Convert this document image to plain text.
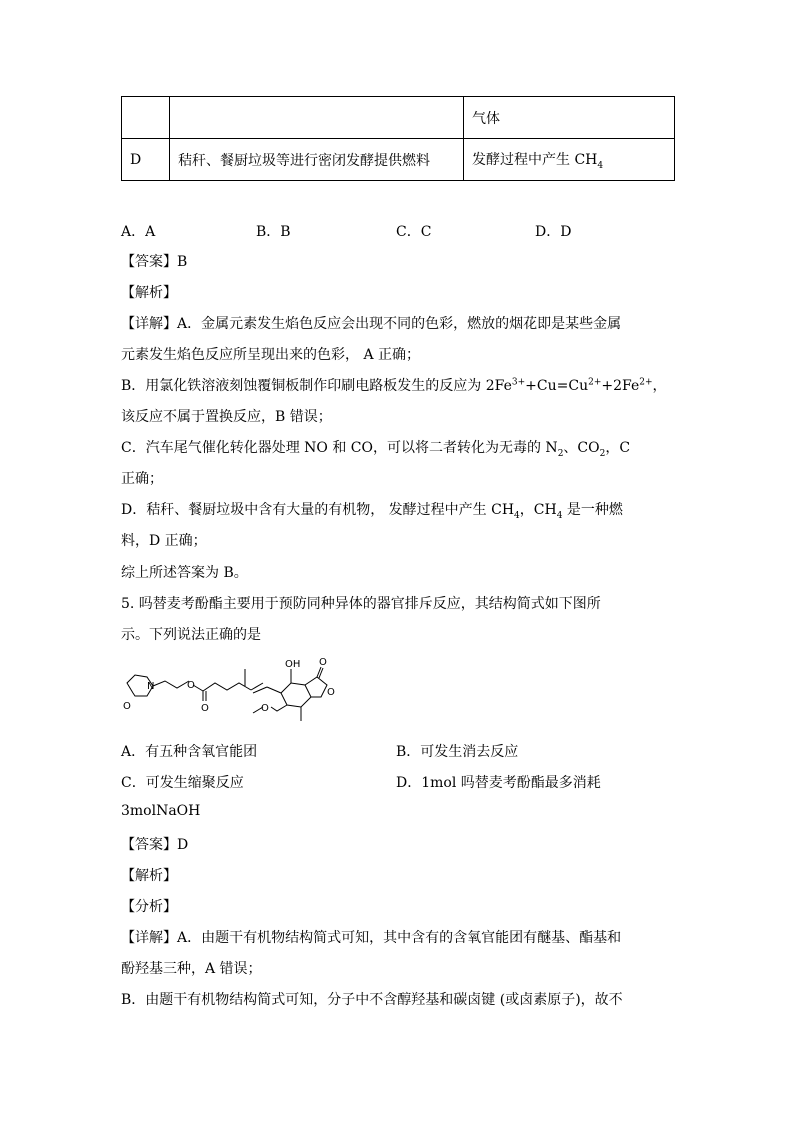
		气体
D	秸秆、餐厨垃圾等进行密闭发酵提供燃料	发酵过程中产生 $CH_4$
A．A	B．B	C．C	D．D
【答案】B
【解析】
【详解】A．金属元素发生焰色反应会出现不同的色彩，燃放的烟花即是某些金属
元素发生焰色反应所呈现出来的色彩， A 正确；
B．用氯化铁溶液刻蚀覆铜板制作印刷电路板发生的反应为 $2Fe^{3+}+Cu=Cu^{2+}+2Fe^{2+}$，
该反应不属于置换反应，B 错误；
C．汽车尾气催化转化器处理 NO 和 CO，可以将二者转化为无毒的 $N_2$、$CO_2$，C
正确；
D．秸秆、餐厨垃圾中含有大量的有机物， 发酵过程中产生 $CH_4$，$CH_4$ 是一种燃
料，D 正确；
综上所述答案为 B。
5. 吗替麦考酚酯主要用于预防同种异体的器官排斥反应，其结构简式如下图所
示。下列说法正确的是
N
O
O
O
OH O
O
O
A．有五种含氧官能团	B．可发生消去反应
C．可发生缩聚反应	D．1mol 吗替麦考酚酯最多消耗
3molNaOH
【答案】D
【解析】
【分析】
【详解】A．由题干有机物结构简式可知，其中含有的含氧官能团有醚基、酯基和
酚羟基三种，A 错误；
B．由题干有机物结构简式可知，分子中不含醇羟基和碳卤键 (或卤素原子)，故不
